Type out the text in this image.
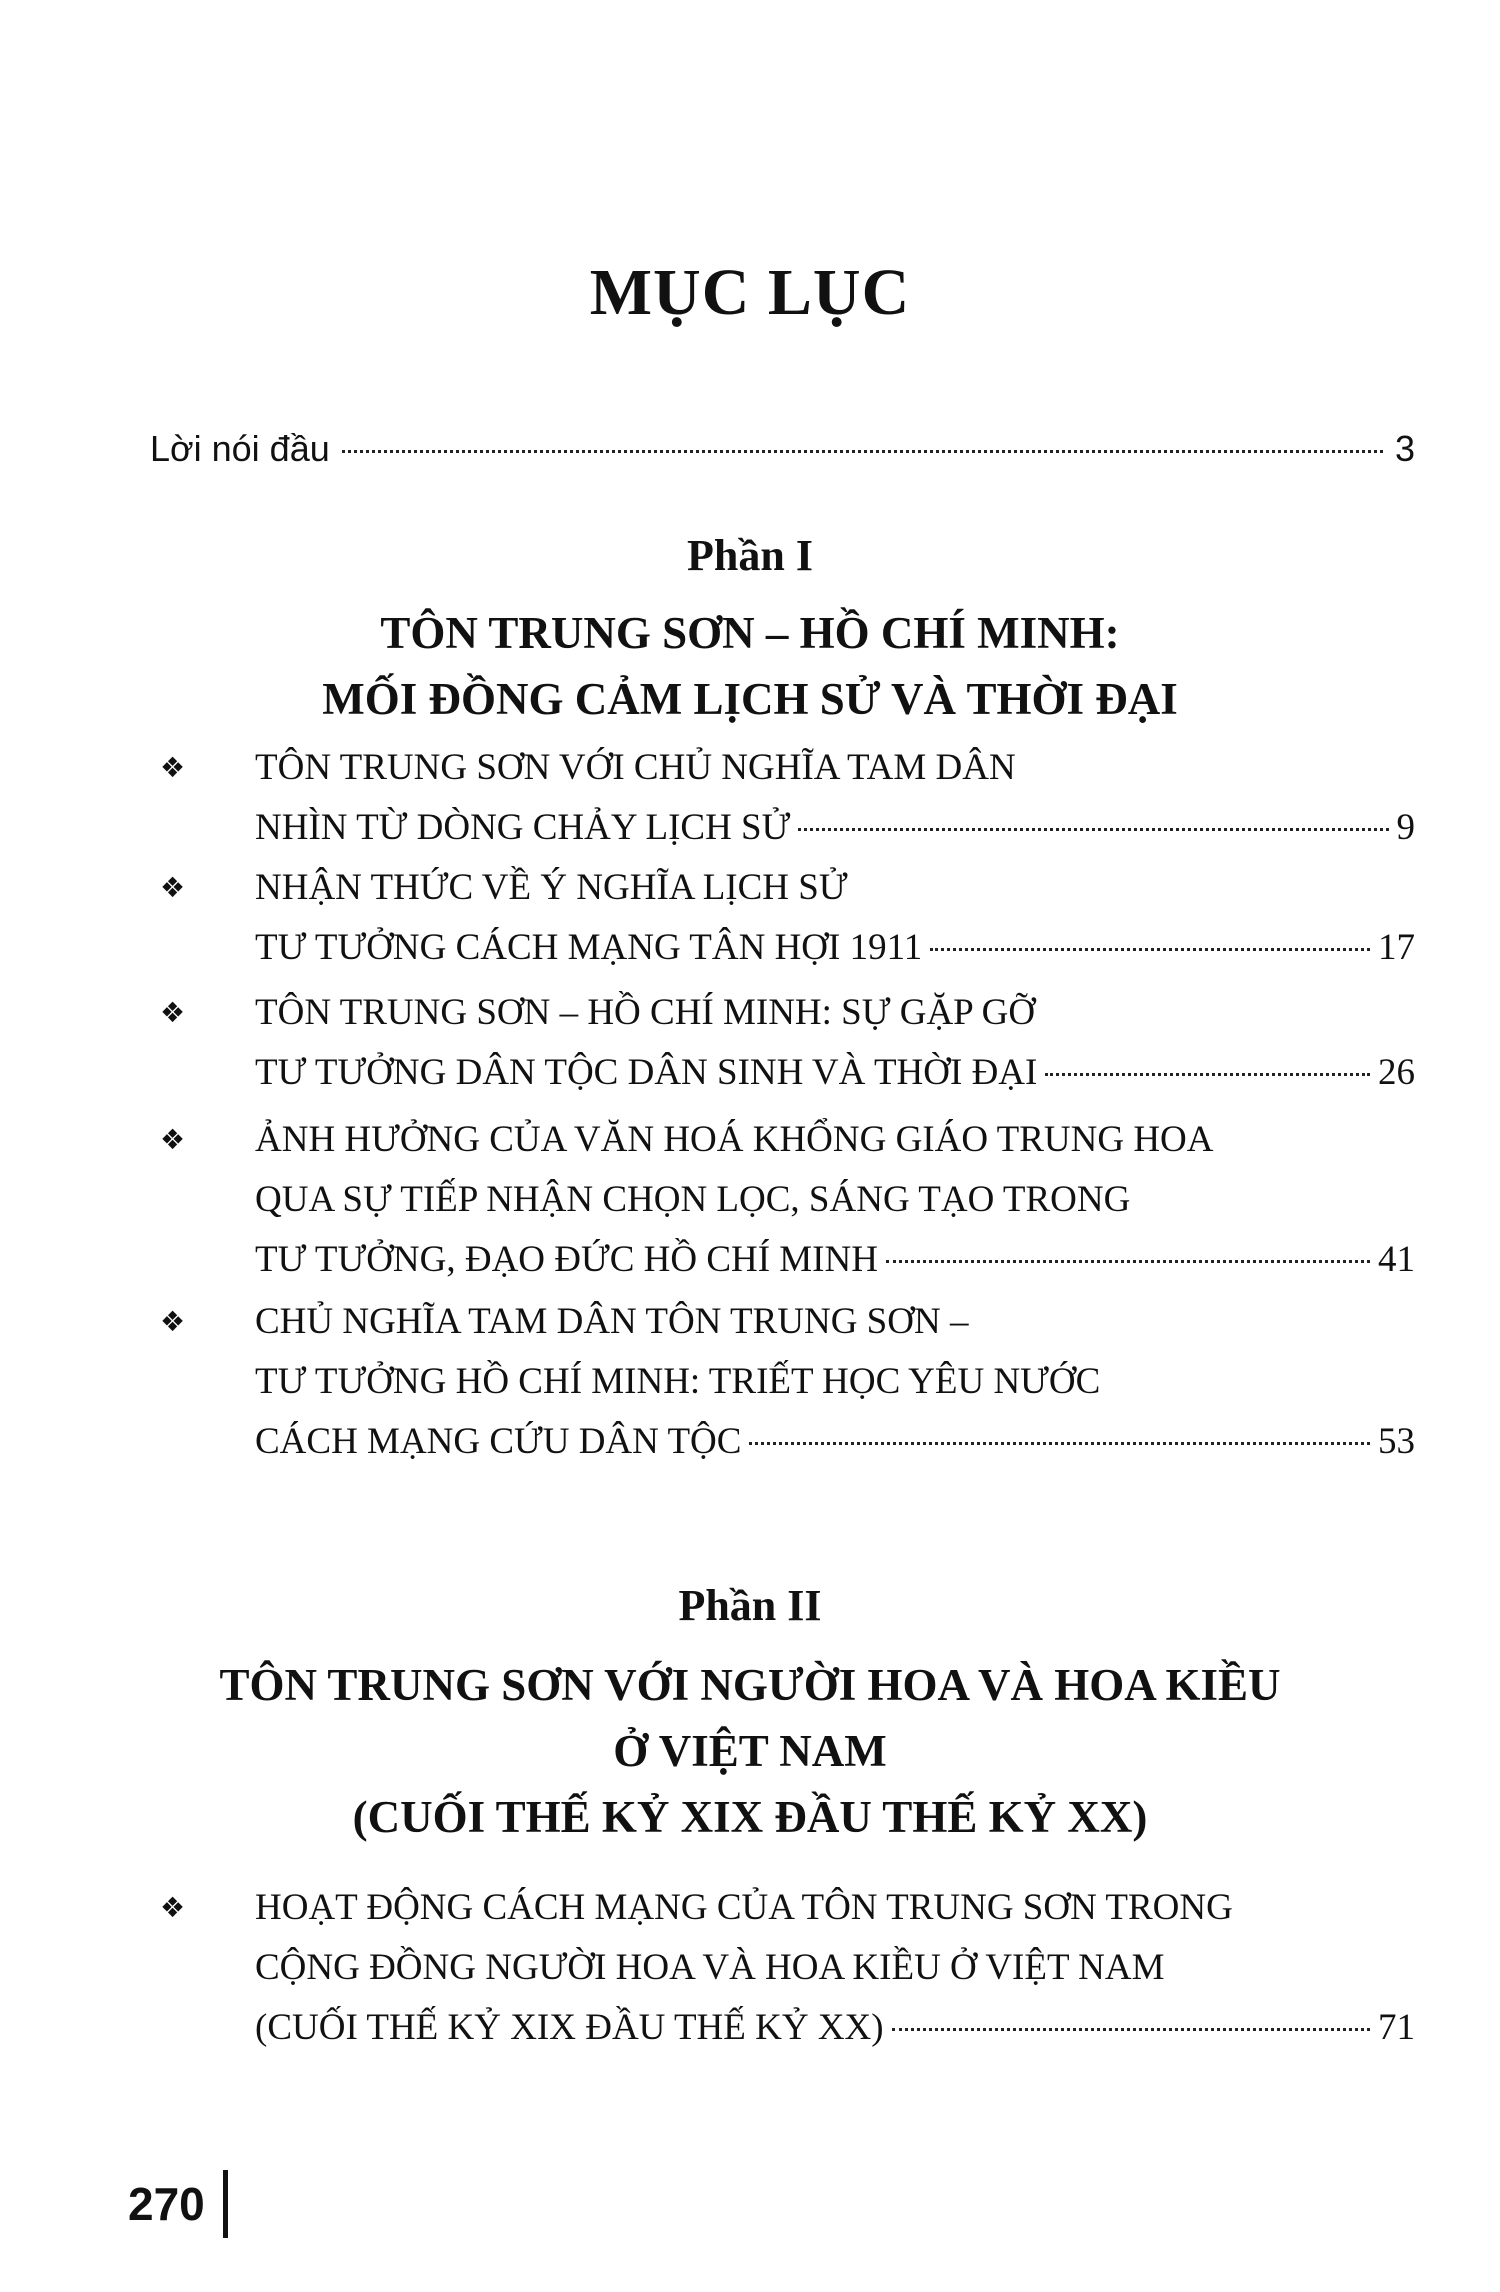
MỤC LỤC
Lời nói đầu	3
Phần I
TÔN TRUNG SƠN – HỒ CHÍ MINH:
MỐI ĐỒNG CẢM LỊCH SỬ VÀ THỜI ĐẠI
❖ TÔN TRUNG SƠN VỚI CHỦ NGHĨA TAM DÂN
NHÌN TỪ DÒNG CHẢY LỊCH SỬ	9
❖ NHẬN THỨC VỀ Ý NGHĨA LỊCH SỬ
TƯ TƯỞNG CÁCH MẠNG TÂN HỢI 1911	17
❖ TÔN TRUNG SƠN – HỒ CHÍ MINH: SỰ GẶP GỠ
TƯ TƯỞNG DÂN TỘC DÂN SINH VÀ THỜI ĐẠI	26
❖ ẢNH HƯỞNG CỦA VĂN HOÁ KHỔNG GIÁO TRUNG HOA
QUA SỰ TIẾP NHẬN CHỌN LỌC, SÁNG TẠO TRONG
TƯ TƯỞNG, ĐẠO ĐỨC HỒ CHÍ MINH	41
❖ CHỦ NGHĨA TAM DÂN TÔN TRUNG SƠN –
TƯ TƯỞNG HỒ CHÍ MINH: TRIẾT HỌC YÊU NƯỚC
CÁCH MẠNG CỨU DÂN TỘC	53
Phần II
TÔN TRUNG SƠN VỚI NGƯỜI HOA VÀ HOA KIỀU
Ở VIỆT NAM
(CUỐI THẾ KỶ XIX ĐẦU THẾ KỶ XX)
❖ HOẠT ĐỘNG CÁCH MẠNG CỦA TÔN TRUNG SƠN TRONG
CỘNG ĐỒNG NGƯỜI HOA VÀ HOA KIỀU Ở VIỆT NAM
(CUỐI THẾ KỶ XIX ĐẦU THẾ KỶ XX)	71
270
